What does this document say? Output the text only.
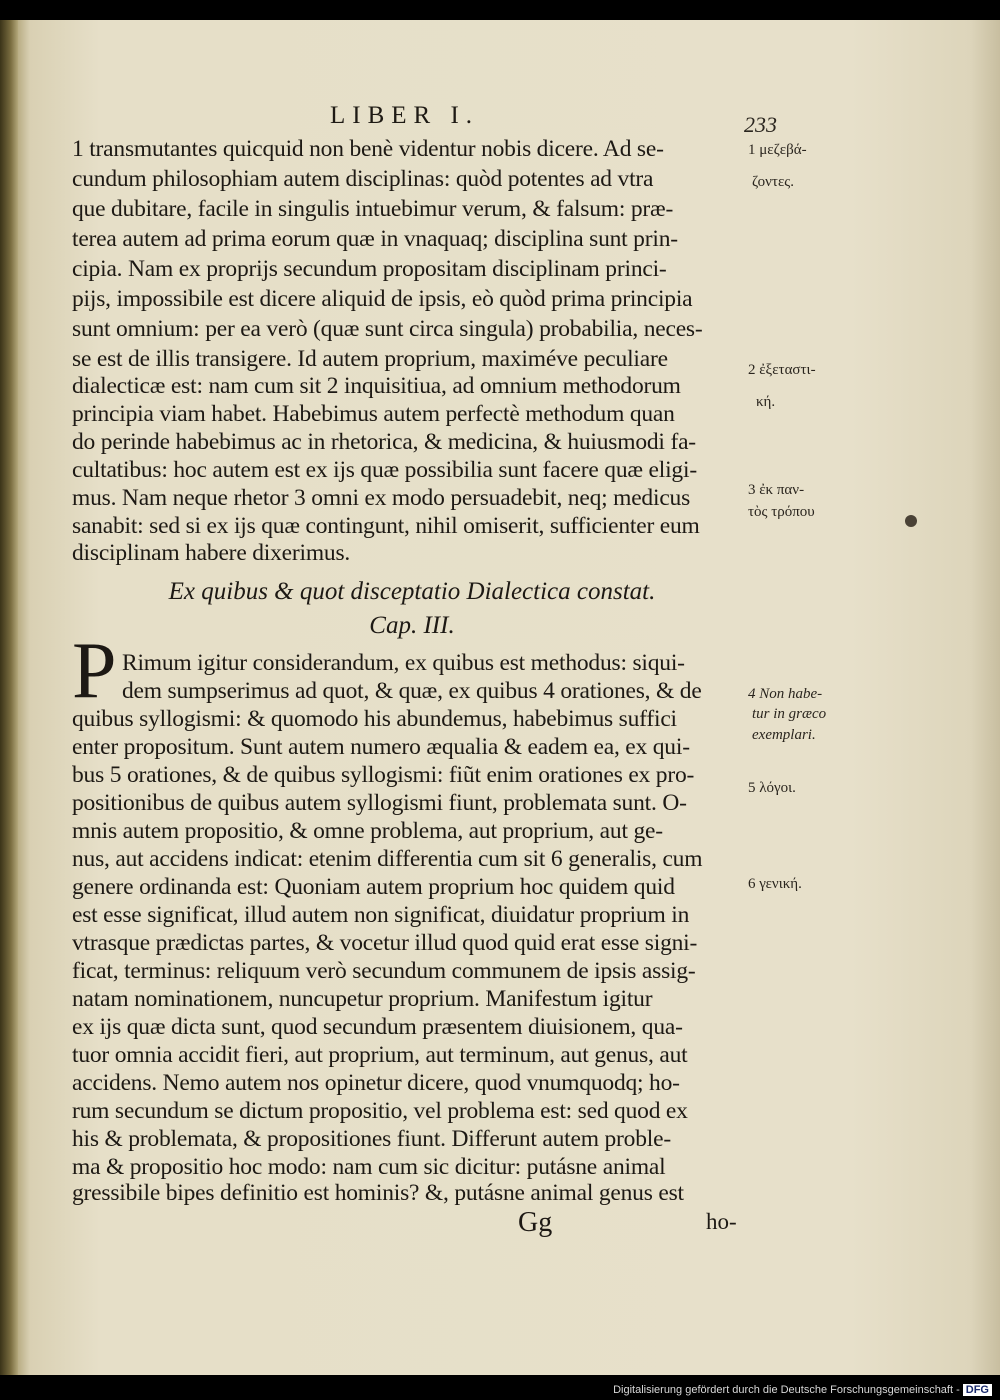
LIBER I.	233
1 transmutantes quicquid non benè videntur nobis dicere. Ad se-
cundum philosophiam autem disciplinas: quòd potentes ad vtra
que dubitare, facile in singulis intuebimur verum, & falsum: præ-
terea autem ad prima eorum quæ in vnaquaq; disciplina sunt prin-
cipia. Nam ex proprijs secundum propositam disciplinam princi-
pijs, impossibile est dicere aliquid de ipsis, eò quòd prima principia
sunt omnium: per ea verò (quæ sunt circa singula) probabilia, neces-
se est de illis transigere. Id autem proprium, maximéve peculiare
dialecticæ est: nam cum sit 2 inquisitiua, ad omnium methodorum
principia viam habet. Habebimus autem perfectè methodum quan
do perinde habebimus ac in rhetorica, & medicina, & huiusmodi fa-
cultatibus: hoc autem est ex ijs quæ possibilia sunt facere quæ eligi-
mus. Nam neque rhetor 3 omni ex modo persuadebit, neq; medicus
sanabit: sed si ex ijs quæ contingunt, nihil omiserit, sufficienter eum
disciplinam habere dixerimus.
Ex quibus & quot disceptatio Dialectica constat.
Cap. III.
P Rimum igitur considerandum, ex quibus est methodus: siqui-
dem sumpserimus ad quot, & quæ, ex quibus 4 orationes, & de
quibus syllogismi: & quomodo his abundemus, habebimus suffici
enter propositum. Sunt autem numero æqualia & eadem ea, ex qui-
bus 5 orationes, & de quibus syllogismi: fiũt enim orationes ex pro-
positionibus de quibus autem syllogismi fiunt, problemata sunt. O-
mnis autem propositio, & omne problema, aut proprium, aut ge-
nus, aut accidens indicat: etenim differentia cum sit 6 generalis, cum
genere ordinanda est: Quoniam autem proprium hoc quidem quid
est esse significat, illud autem non significat, diuidatur proprium in
vtrasque prædictas partes, & vocetur illud quod quid erat esse signi-
ficat, terminus: reliquum verò secundum communem de ipsis assig-
natam nominationem, nuncupetur proprium. Manifestum igitur
ex ijs quæ dicta sunt, quod secundum præsentem diuisionem, qua-
tuor omnia accidit fieri, aut proprium, aut terminum, aut genus, aut
accidens. Nemo autem nos opinetur dicere, quod vnumquodq; ho-
rum secundum se dictum propositio, vel problema est: sed quod ex
his & problemata, & propositiones fiunt. Differunt autem proble-
ma & propositio hoc modo: nam cum sic dicitur: putásne animal
gressibile bipes definitio est hominis? &, putásne animal genus est
1 μεζεβά-
ζοντες.
2 ἐξεταστι-
κή.
3 ἐκ παν-
τὸς τρόπου
4 Non habe-
tur in græco
exemplari.
5 λόγοι.
6 γενική.
Gg	ho-
Digitalisierung gefördert durch die Deutsche Forschungsgemeinschaft - DFG
